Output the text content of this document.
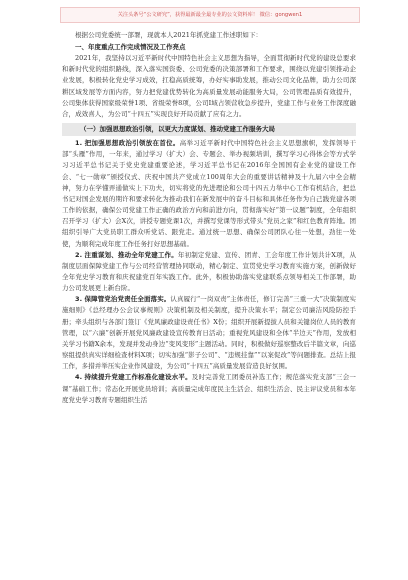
关注头条号“公文研究”，获得最新最全最专业的公文资料库！ 微信：gongwen1

根据公司党委统一部署，现就本人2021年抓党建工作述职如下：

一、年度重点工作完成情况及工作亮点

2021年，我坚持以习近平新时代中国特色社会主义思想为指导，全面贯彻新时代党的建设总要求和新时代党的组织路线，深入落实国资委、公司党委的决策部署和工作要求，围绕以党建引领推动企业发展，积极转化党史学习成效，扛稳高质统筹，办好实事助发展，推动公司文化品牌，助力公司深耕区域发展等方面内容，努力把党建优势转化为高质量发展动能服务大局，公司管理品质有效提升，公司集体获得国家级荣誉1项、省级荣誉8项，公司Ⅰ域占领营收急步提升，党建工作与业务工作深度融合，成效喜人，为公司“十四五”实现良好开局贡献了应有之力。

（一）加强思想政治引领，以更大力度谋划、推动党建工作服务大局

1. 把加强思想政治引领放在首位。高举习近平新时代中国特色社会主义思想旗帜，发挥领导干部“头雁”作用，一年来，通过学习（扩大）会、专题会、举办视频培训，撰写学习心得体会等方式学习习近平总书记关于党史党建重要论述，学习近平总书记在2016年全国国有企业党的建设工作会、“七一勋章”颁授仪式、庆祝中国共产党成立100周年大会的重要讲话精神及十九届六中全会精神，努力在学懂弄通做实上下功夫，切实将党的先进理论和公司十四五力举中心工作有机结合，把总书记对国企发展的期许和要求转化为推动我们在新发展中的奋斗目标和具体任务作为自己践党建各项工作的依据，确保公司党建工作正确的政治方向和前进方向，贯彻落实好“第一议题”制度，全年组织召开学习（扩大）会X次，讲授专题党课1次，并撰写党课等形式带头“党员之家”和红色教育阵地。团组织引导广大党员职工群众听党话、跟党走。通过统一思想、确保公司团队心往一处想，劲往一处使，为顺利完成年度工作任务打好思想基础。

2. 注重谋划、推动全年党建工作。年初制定党建、宣传、团青、工会年度工作计划共计X项，从制度层面保障党建工作与公司经营管理协同联动，精心制定、宣贯党史学习教育实施方案，创新做好全年党史学习教育和庆祝建党百年实践工作。此外，积极协助落实党建联系点领导相关工作部署，助力公司发展更上新台阶。

3. 保障管党治党责任全面落实。认真履行“一岗双责”主体责任，修订完善“三重一大”决策制度实施细则》《总经理办公会议事规则》决策机制及相关制度，提升决策水平；制定公司廉洁风险防控手册；牵头组织与各部门签订《党风廉政建设责任书》X份；组织开展新提拔人员和关键岗位人员的教育管理，以“六廉”创新开展党风廉政建设宣传教育日活动；重视党风建设和全体“半边天”作用，发放相关学习书籍X余本，发现并发动身边“变风变形”主题活动。同时，积极做好巡察整改后半篇文章，向巡察组提供真实详细检查材料X项；切实加强“影子公司”、“违规挂靠”“以案促改”等问题排查。总结上报工作，多措并举压实企业作风建设，为公司“十四五”高质量发展营造良好氛围。

4. 持续提升党建工作标准化建设水平。及时完善党工团委员补选工作；规范落实党支部“三会一课”基础工作；常态化开展党员培训；高质量完成年度民主生活会、组织生活会、民主评议党员和本年度党史学习教育专题组织生活
